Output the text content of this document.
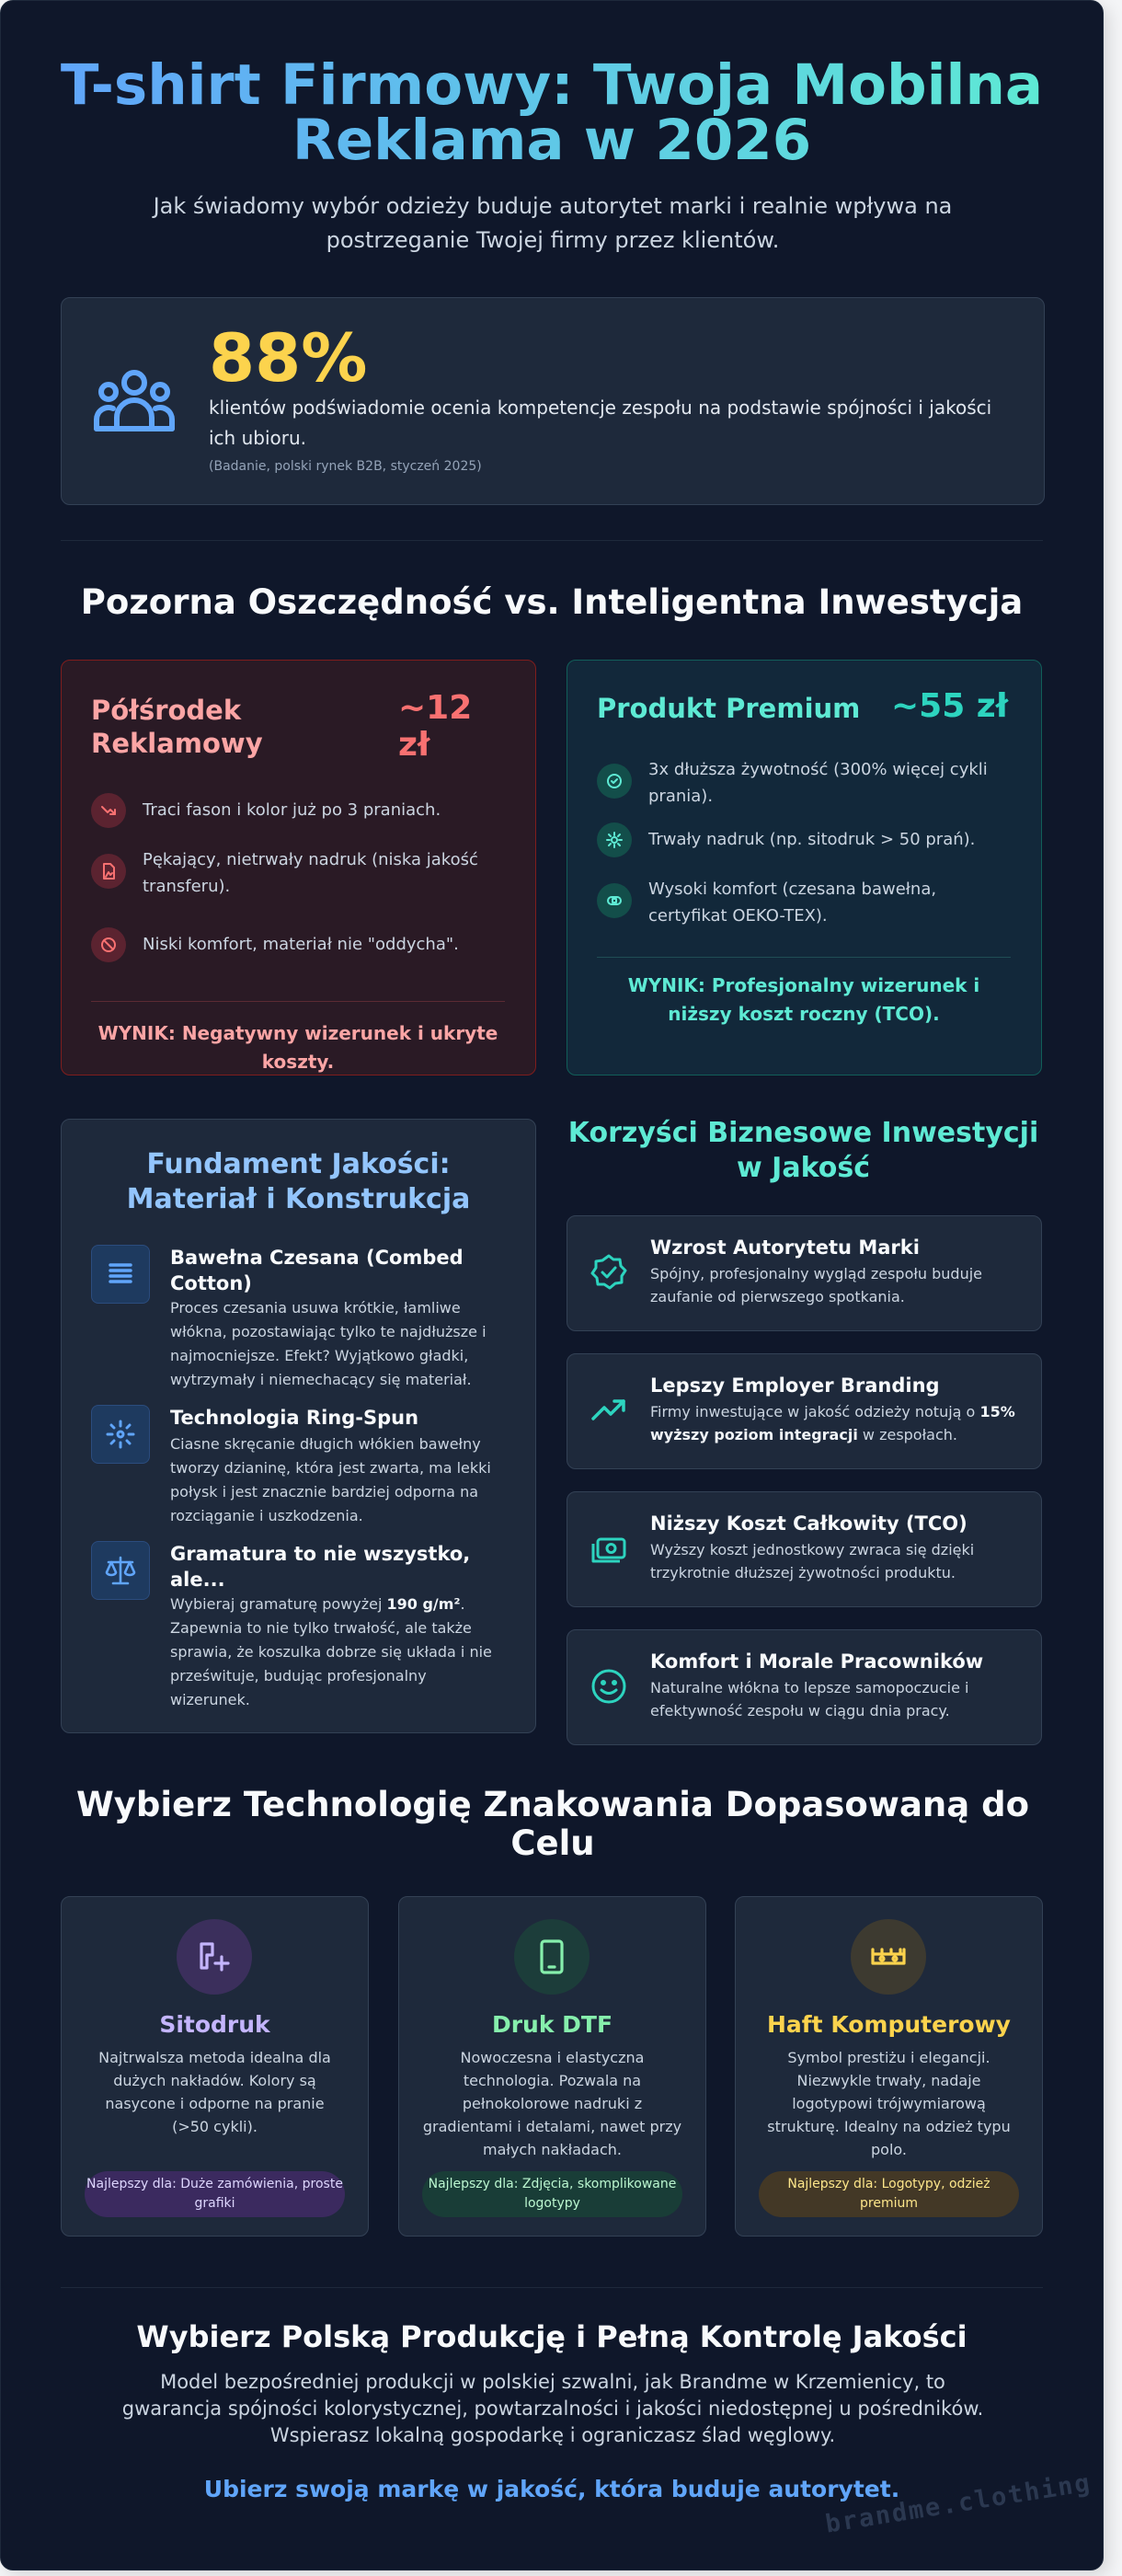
T-shirt Firmowy: Twoja Mobilna Reklama w 2026
Jak świadomy wybór odzieży buduje autorytet marki i realnie wpływa na postrzeganie Twojej firmy przez klientów.
88%
klientów podświadomie ocenia kompetencje zespołu na podstawie spójności i jakości ich ubioru.
(Badanie, polski rynek B2B, styczeń 2025)
Pozorna Oszczędność vs. Inteligentna Inwestycja
Półśrodek Reklamowy
~12 zł
Traci fason i kolor już po 3 praniach.
Pękający, nietrwały nadruk (niska jakość transferu).
Niski komfort, materiał nie "oddycha".
WYNIK: Negatywny wizerunek i ukryte koszty.
Produkt Premium ~55 zł
3x dłuższa żywotność (300% więcej cykli prania).
Trwały nadruk (np. sitodruk > 50 prań).
Wysoki komfort (czesana bawełna, certyfikat OEKO-TEX).
WYNIK: Profesjonalny wizerunek i niższy koszt roczny (TCO).
Fundament Jakości: Materiał i Konstrukcja
Bawełna Czesana (Combed Cotton)
Proces czesania usuwa krótkie, łamliwe włókna, pozostawiając tylko te najdłuższe i najmocniejsze. Efekt? Wyjątkowo gładki, wytrzymały i niemechacący się materiał.
Technologia Ring-Spun
Ciasne skręcanie długich włókien bawełny tworzy dzianinę, która jest zwarta, ma lekki połysk i jest znacznie bardziej odporna na rozciąganie i uszkodzenia.
Gramatura to nie wszystko, ale...
Wybieraj gramaturę powyżej 190 g/m². Zapewnia to nie tylko trwałość, ale także sprawia, że koszulka dobrze się układa i nie prześwituje, budując profesjonalny wizerunek.
Korzyści Biznesowe Inwestycji w Jakość
Wzrost Autorytetu Marki
Spójny, profesjonalny wygląd zespołu buduje zaufanie od pierwszego spotkania.
Lepszy Employer Branding
Firmy inwestujące w jakość odzieży notują o 15% wyższy poziom integracji w zespołach.
Niższy Koszt Całkowity (TCO)
Wyższy koszt jednostkowy zwraca się dzięki trzykrotnie dłuższej żywotności produktu.
Komfort i Morale Pracowników
Naturalne włókna to lepsze samopoczucie i efektywność zespołu w ciągu dnia pracy.
Wybierz Technologię Znakowania Dopasowaną do Celu
Sitodruk
Najtrwalsza metoda idealna dla dużych nakładów. Kolory są nasycone i odporne na pranie (>50 cykli).
Najlepszy dla: Duże zamówienia, proste grafiki
Druk DTF
Nowoczesna i elastyczna technologia. Pozwala na pełnokolorowe nadruki z gradientami i detalami, nawet przy małych nakładach.
Najlepszy dla: Zdjęcia, skomplikowane logotypy
Haft Komputerowy
Symbol prestiżu i elegancji. Niezwykle trwały, nadaje logotypowi trójwymiarową strukturę. Idealny na odzież typu polo.
Najlepszy dla: Logotypy, odzież premium
Wybierz Polską Produkcję i Pełną Kontrolę Jakości
Model bezpośredniej produkcji w polskiej szwalni, jak Brandme w Krzemienicy, to gwarancja spójności kolorystycznej, powtarzalności i jakości niedostępnej u pośredników. Wspierasz lokalną gospodarkę i ograniczasz ślad węglowy.
Ubierz swoją markę w jakość, która buduje autorytet.
brandme.clothing
